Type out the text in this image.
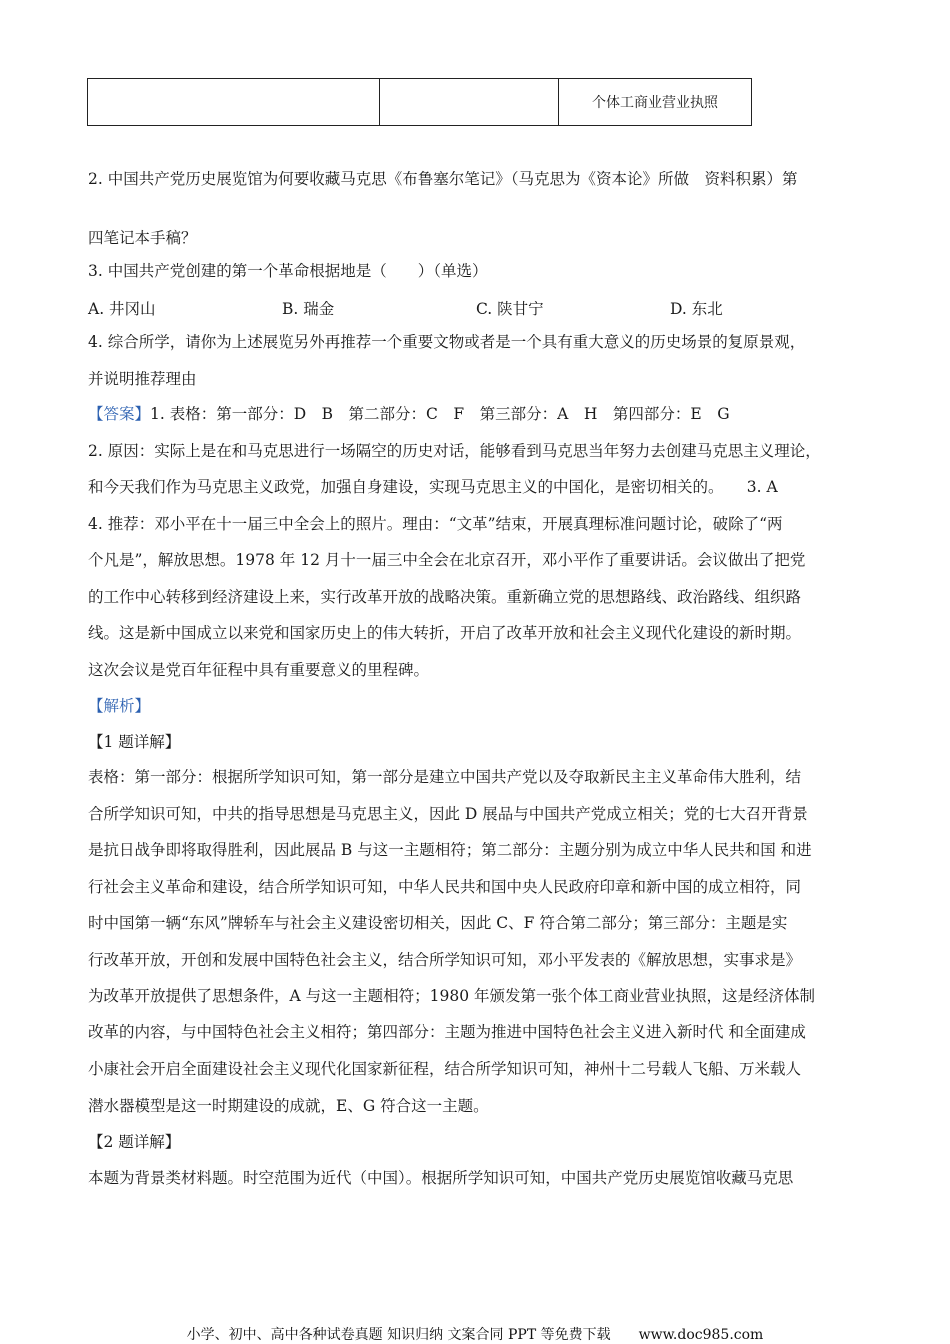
		个体工商业营业执照
2. 中国共产党历史展览馆为何要收藏马克思《布鲁塞尔笔记》（马克思为《资本论》所做　资料积累）第
四笔记本手稿？
3. 中国共产党创建的第一个革命根据地是（　　）（单选）
A. 井冈山	B. 瑞金	C. 陕甘宁	D. 东北
4. 综合所学，请你为上述展览另外再推荐一个重要文物或者是一个具有重大意义的历史场景的复原景观，
并说明推荐理由
【答案】1. 表格：第一部分：D　B　第二部分：C　F　第三部分：A　H　第四部分：E　G
2. 原因：实际上是在和马克思进行一场隔空的历史对话，能够看到马克思当年努力去创建马克思主义理论，
和今天我们作为马克思主义政党，加强自身建设，实现马克思主义的中国化，是密切相关的。　　3. A
4. 推荐：邓小平在十一届三中全会上的照片。理由：“文革”结束，开展真理标准问题讨论，破除了“两
个凡是”，解放思想。1978 年 12 月十一届三中全会在北京召开，邓小平作了重要讲话。会议做出了把党
的工作中心转移到经济建设上来，实行改革开放的战略决策。重新确立党的思想路线、政治路线、组织路
线。这是新中国成立以来党和国家历史上的伟大转折，开启了改革开放和社会主义现代化建设的新时期。
这次会议是党百年征程中具有重要意义的里程碑。
【解析】
【1 题详解】
表格：第一部分：根据所学知识可知，第一部分是建立中国共产党以及夺取新民主主义革命伟大胜利，结
合所学知识可知，中共的指导思想是马克思主义，因此 D 展品与中国共产党成立相关；党的七大召开背景
是抗日战争即将取得胜利，因此展品 B 与这一主题相符；第二部分：主题分别为成立中华人民共和国 和进
行社会主义革命和建设，结合所学知识可知，中华人民共和国中央人民政府印章和新中国的成立相符，同
时中国第一辆“东风”牌轿车与社会主义建设密切相关，因此 C、F 符合第二部分；第三部分：主题是实
行改革开放，开创和发展中国特色社会主义，结合所学知识可知，邓小平发表的《解放思想，实事求是》
为改革开放提供了思想条件，A 与这一主题相符；1980 年颁发第一张个体工商业营业执照，这是经济体制
改革的内容，与中国特色社会主义相符；第四部分：主题为推进中国特色社会主义进入新时代 和全面建成
小康社会开启全面建设社会主义现代化国家新征程，结合所学知识可知，神州十二号载人飞船、万米载人
潜水器模型是这一时期建设的成就，E、G 符合这一主题。
【2 题详解】
本题为背景类材料题。时空范围为近代（中国）。根据所学知识可知，中国共产党历史展览馆收藏马克思
小学、初中、高中各种试卷真题 知识归纳 文案合同 PPT 等免费下载　　www.doc985.com
